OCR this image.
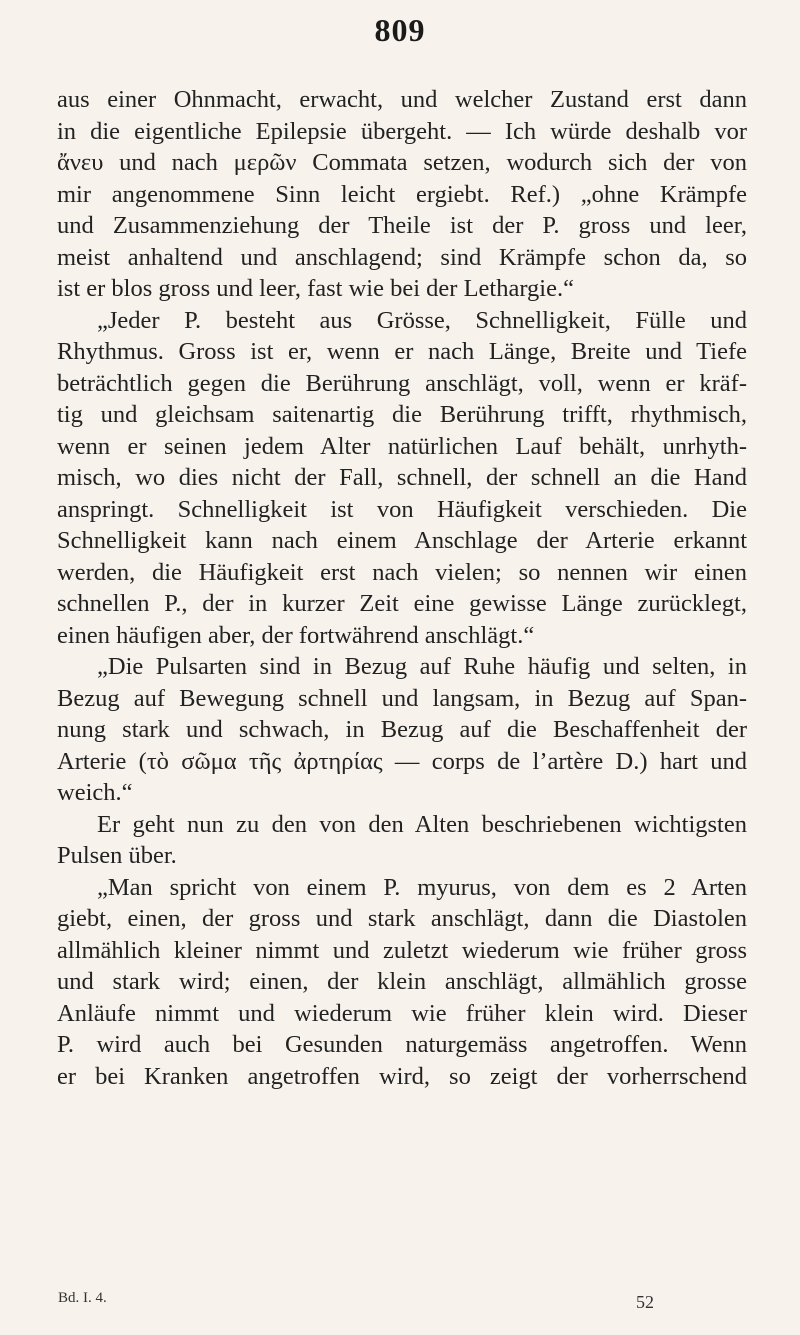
809

aus einer Ohnmacht, erwacht, und welcher Zustand erst dann
in die eigentliche Epilepsie übergeht. — Ich würde deshalb vor
ἄνευ und nach μερῶν Commata setzen, wodurch sich der von
mir angenommene Sinn leicht ergiebt. Ref.) „ohne Krämpfe
und Zusammenziehung der Theile ist der P. gross und leer,
meist anhaltend und anschlagend; sind Krämpfe schon da, so
ist er blos gross und leer, fast wie bei der Lethargie.“

„Jeder P. besteht aus Grösse, Schnelligkeit, Fülle und
Rhythmus. Gross ist er, wenn er nach Länge, Breite und Tiefe
beträchtlich gegen die Berührung anschlägt, voll, wenn er kräf-
tig und gleichsam saitenartig die Berührung trifft, rhythmisch,
wenn er seinen jedem Alter natürlichen Lauf behält, unrhyth-
misch, wo dies nicht der Fall, schnell, der schnell an die Hand
anspringt. Schnelligkeit ist von Häufigkeit verschieden. Die
Schnelligkeit kann nach einem Anschlage der Arterie erkannt
werden, die Häufigkeit erst nach vielen; so nennen wir einen
schnellen P., der in kurzer Zeit eine gewisse Länge zurücklegt,
einen häufigen aber, der fortwährend anschlägt.“

„Die Pulsarten sind in Bezug auf Ruhe häufig und selten, in
Bezug auf Bewegung schnell und langsam, in Bezug auf Span-
nung stark und schwach, in Bezug auf die Beschaffenheit der
Arterie (τὸ σῶμα τῆς ἀρτηρίας — corps de l’artère D.) hart und
weich.“

Er geht nun zu den von den Alten beschriebenen wichtigsten
Pulsen über.

„Man spricht von einem P. myurus, von dem es 2 Arten
giebt, einen, der gross und stark anschlägt, dann die Diastolen
allmählich kleiner nimmt und zuletzt wiederum wie früher gross
und stark wird; einen, der klein anschlägt, allmählich grosse
Anläufe nimmt und wiederum wie früher klein wird. Dieser
P. wird auch bei Gesunden naturgemäss angetroffen. Wenn
er bei Kranken angetroffen wird, so zeigt der vorherrschend

Bd. I. 4.	52
